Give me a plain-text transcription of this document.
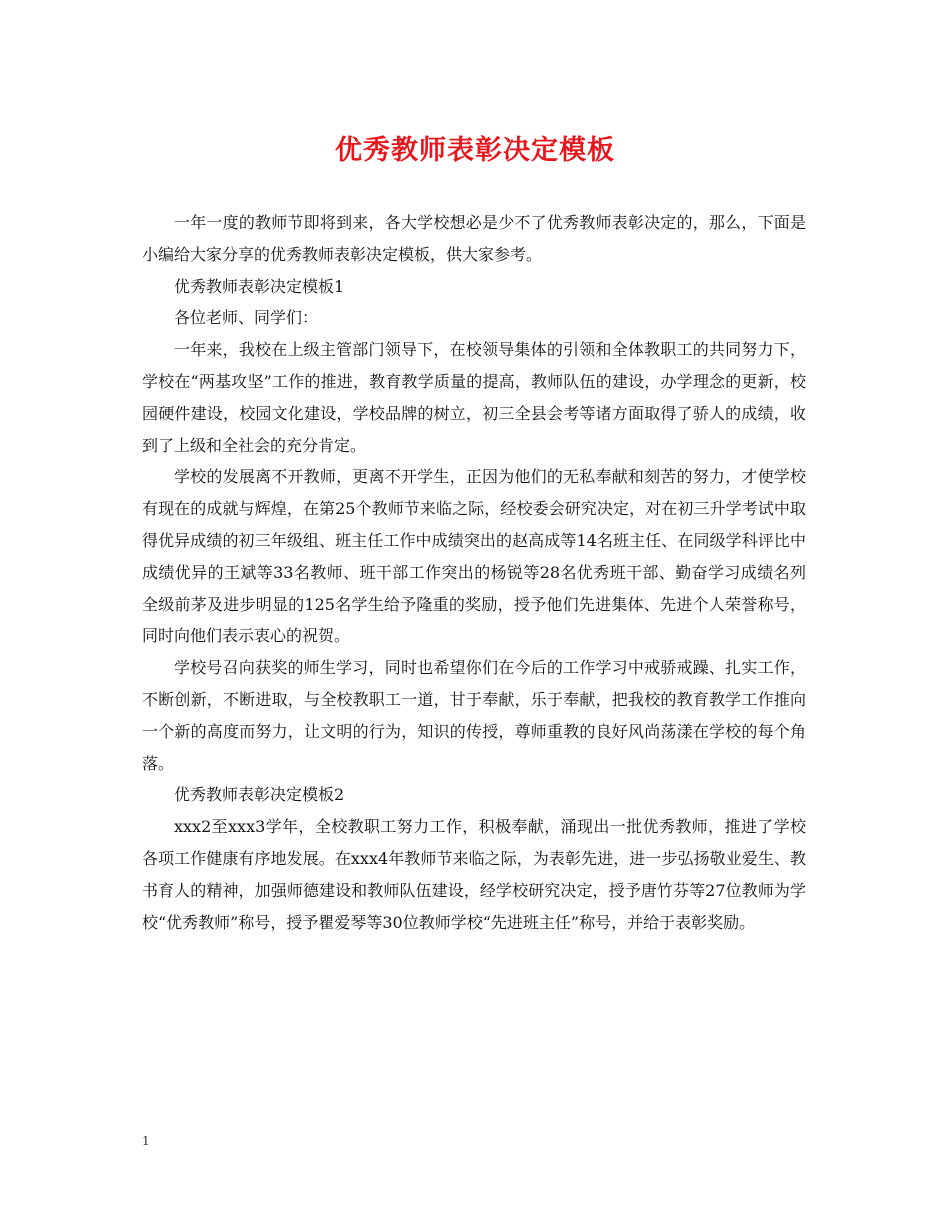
优秀教师表彰决定模板

一年一度的教师节即将到来，各大学校想必是少不了优秀教师表彰决定的，那么，下面是小编给大家分享的优秀教师表彰决定模板，供大家参考。

优秀教师表彰决定模板1

各位老师、同学们：

一年来，我校在上级主管部门领导下，在校领导集体的引领和全体教职工的共同努力下，学校在“两基攻坚”工作的推进，教育教学质量的提高，教师队伍的建设，办学理念的更新，校园硬件建设，校园文化建设，学校品牌的树立，初三全县会考等诸方面取得了骄人的成绩，收到了上级和全社会的充分肯定。

学校的发展离不开教师，更离不开学生，正因为他们的无私奉献和刻苦的努力，才使学校有现在的成就与辉煌，在第25个教师节来临之际，经校委会研究决定，对在初三升学考试中取得优异成绩的初三年级组、班主任工作中成绩突出的赵高成等14名班主任、在同级学科评比中成绩优异的王斌等33名教师、班干部工作突出的杨锐等28名优秀班干部、勤奋学习成绩名列全级前茅及进步明显的125名学生给予隆重的奖励，授予他们先进集体、先进个人荣誉称号，同时向他们表示衷心的祝贺。

学校号召向获奖的师生学习，同时也希望你们在今后的工作学习中戒骄戒躁、扎实工作，不断创新，不断进取，与全校教职工一道，甘于奉献，乐于奉献，把我校的教育教学工作推向一个新的高度而努力，让文明的行为，知识的传授，尊师重教的良好风尚荡漾在学校的每个角落。

优秀教师表彰决定模板2

xxx2至xxx3学年，全校教职工努力工作，积极奉献，涌现出一批优秀教师，推进了学校各项工作健康有序地发展。在xxx4年教师节来临之际，为表彰先进，进一步弘扬敬业爱生、教书育人的精神，加强师德建设和教师队伍建设，经学校研究决定，授予唐竹芬等27位教师为学校“优秀教师”称号，授予瞿爱琴等30位教师学校“先进班主任”称号，并给于表彰奖励。

1
